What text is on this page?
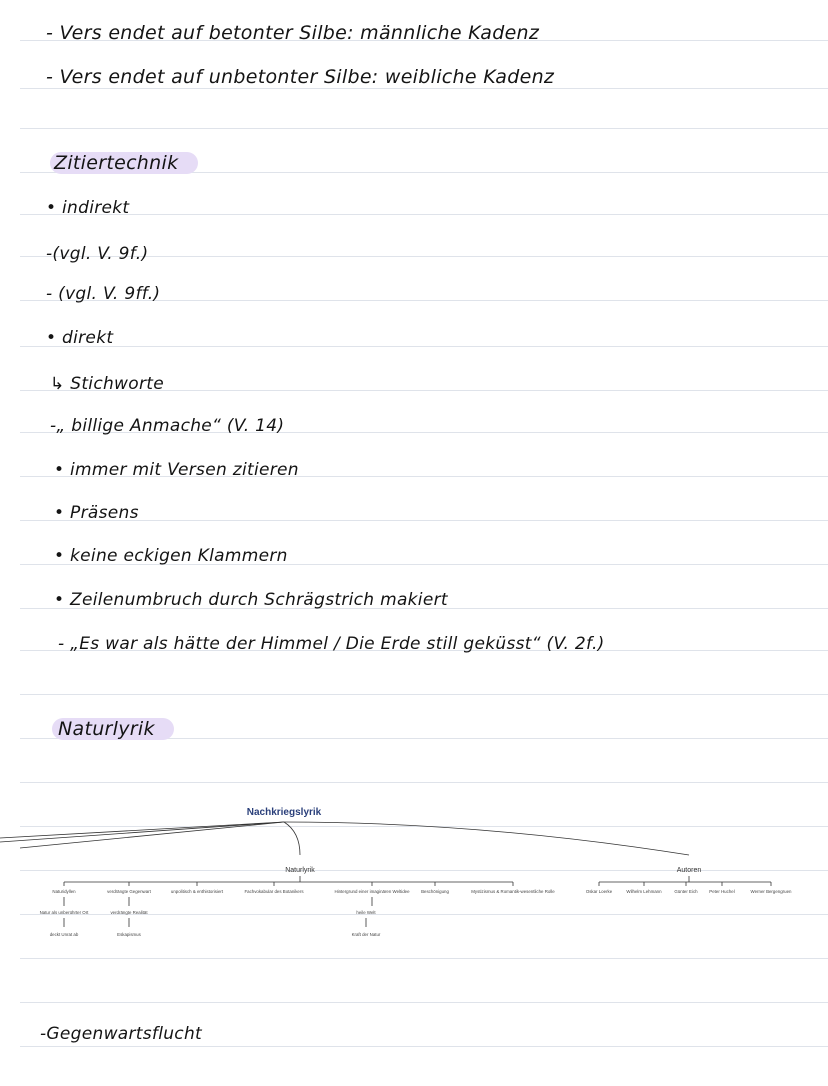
- Vers endet auf betonter Silbe: männliche Kadenz
- Vers endet auf unbetonter Silbe: weibliche Kadenz
Zitiertechnik
• indirekt
-(vgl. V. 9f.)
- (vgl. V. 9ff.)
• direkt
↳ Stichworte
-„ billige Anmache“ (V. 14)
• immer mit Versen zitieren
• Präsens
• keine eckigen Klammern
• Zeilenumbruch durch Schrägstrich makiert
- „Es war als hätte der Himmel / Die Erde still geküsst“ (V. 2f.)
Naturlyrik
Nachkriegslyrik
Naturlyrik
Naturidyllen	verdrängte Gegenwart	unpolitisch & enthistorisiert	Fachvokabular des Botanikers	Hintergrund einer imaginären Weltidee	Beschönigung	Mystizismus & Romantik-wesentliche Rolle
Natur als unberührter Ort
deckt Unrat ab
verdrängte Realität
Eskapismus
heile Welt
Kraft der Natur
Autoren
Oskar Loerke	Wilhelm Lehmann	Günter Eich	Peter Huchel	Werner Bergengruen
-Gegenwartsflucht
